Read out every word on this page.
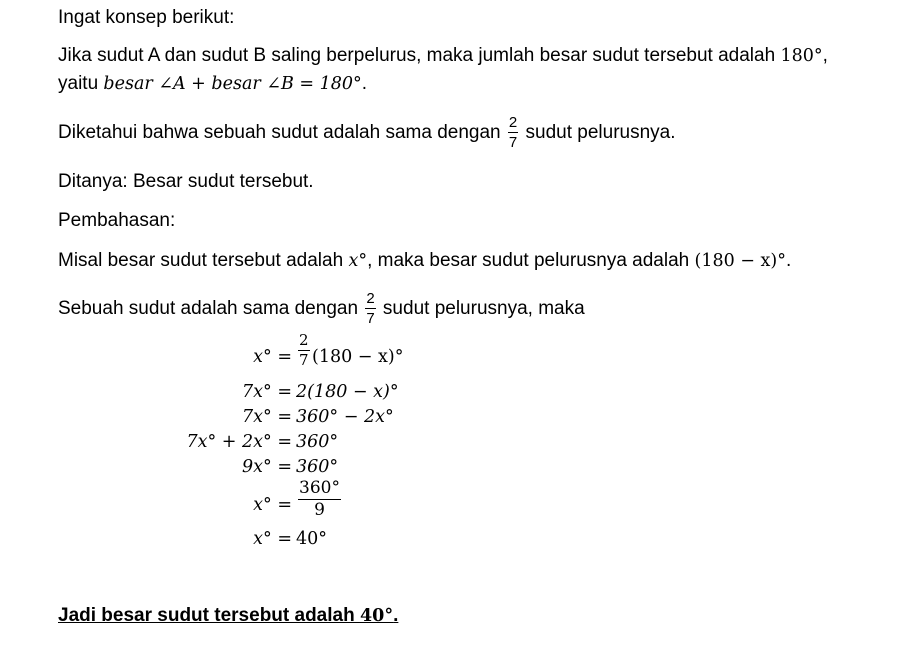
Ingat konsep berikut:
Jika sudut A dan sudut B saling berpelurus, maka jumlah besar sudut tersebut adalah 180°,
yaitu besar ∠A + besar ∠B = 180°.
Diketahui bahwa sebuah sudut adalah sama dengan $\frac{2}{7}$ sudut pelurusnya.
Ditanya: Besar sudut tersebut.
Pembahasan:
Misal besar sudut tersebut adalah x°, maka besar sudut pelurusnya adalah (180 − x)°.
Sebuah sudut adalah sama dengan $\frac{2}{7}$ sudut pelurusnya, maka
$x^\circ = \frac{2}{7} (180 - x)^\circ$
7x° = 2(180 − x)°
7x° = 360° − 2x°
7x° + 2x° = 360°
9x° = 360°
$x^\circ = \frac{360^\circ}{9}$
x° = 40°
Jadi besar sudut tersebut adalah 40°.
